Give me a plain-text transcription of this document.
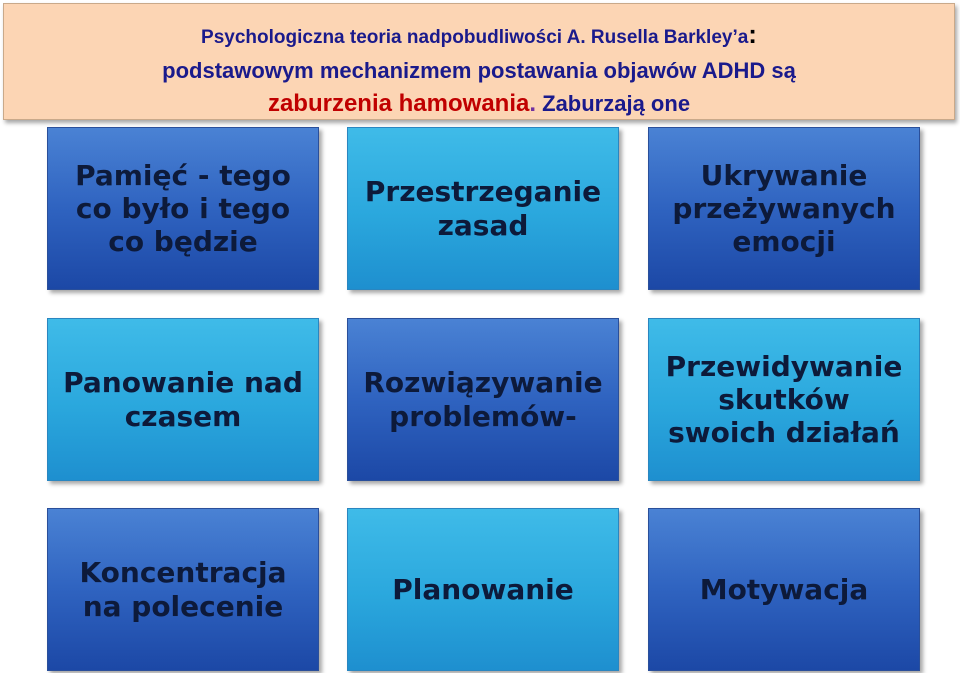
Psychologiczna teoria nadpobudliwości A. Rusella Barkley’a:
podstawowym mechanizmem postawania objawów ADHD są
zaburzenia hamowania. Zaburzają one
Pamięć - tego
co było i tego
co będzie
Przestrzeganie
zasad
Ukrywanie
przeżywanych
emocji
Panowanie nad
czasem
Rozwiązywanie
problemów-
Przewidywanie
skutków
swoich działań
Koncentracja
na polecenie
Planowanie	Motywacja
